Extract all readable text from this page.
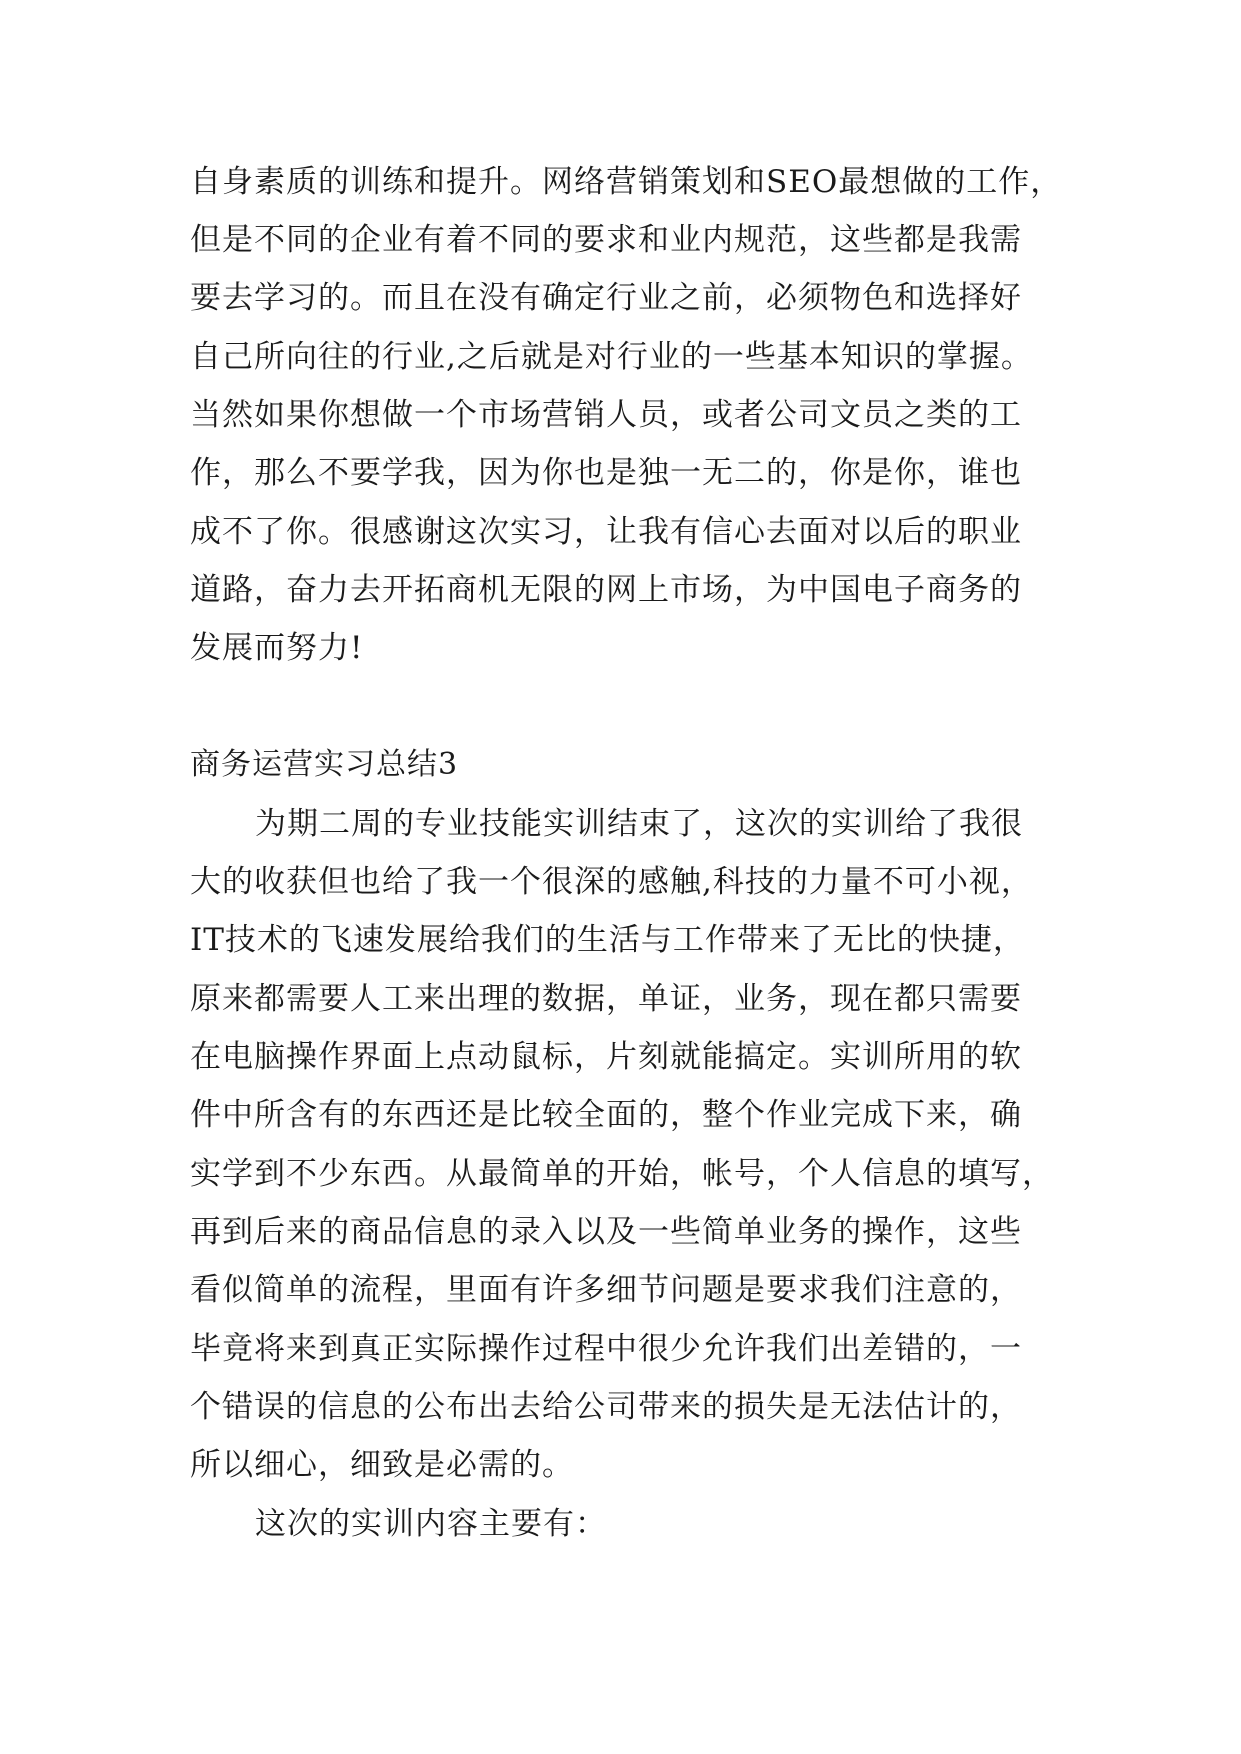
自身素质的训练和提升。网络营销策划和SEO最想做的工作，
但是不同的企业有着不同的要求和业内规范，这些都是我需
要去学习的。而且在没有确定行业之前，必须物色和选择好
自己所向往的行业,之后就是对行业的一些基本知识的掌握。
当然如果你想做一个市场营销人员，或者公司文员之类的工
作，那么不要学我，因为你也是独一无二的，你是你，谁也
成不了你。很感谢这次实习，让我有信心去面对以后的职业
道路，奋力去开拓商机无限的网上市场，为中国电子商务的
发展而努力!
商务运营实习总结3
为期二周的专业技能实训结束了，这次的实训给了我很
大的收获但也给了我一个很深的感触,科技的力量不可小视，
IT技术的飞速发展给我们的生活与工作带来了无比的快捷，
原来都需要人工来出理的数据，单证，业务，现在都只需要
在电脑操作界面上点动鼠标，片刻就能搞定。实训所用的软
件中所含有的东西还是比较全面的，整个作业完成下来，确
实学到不少东西。从最简单的开始，帐号，个人信息的填写，
再到后来的商品信息的录入以及一些简单业务的操作，这些
看似简单的流程，里面有许多细节问题是要求我们注意的，
毕竟将来到真正实际操作过程中很少允许我们出差错的，一
个错误的信息的公布出去给公司带来的损失是无法估计的，
所以细心，细致是必需的。
这次的实训内容主要有：
